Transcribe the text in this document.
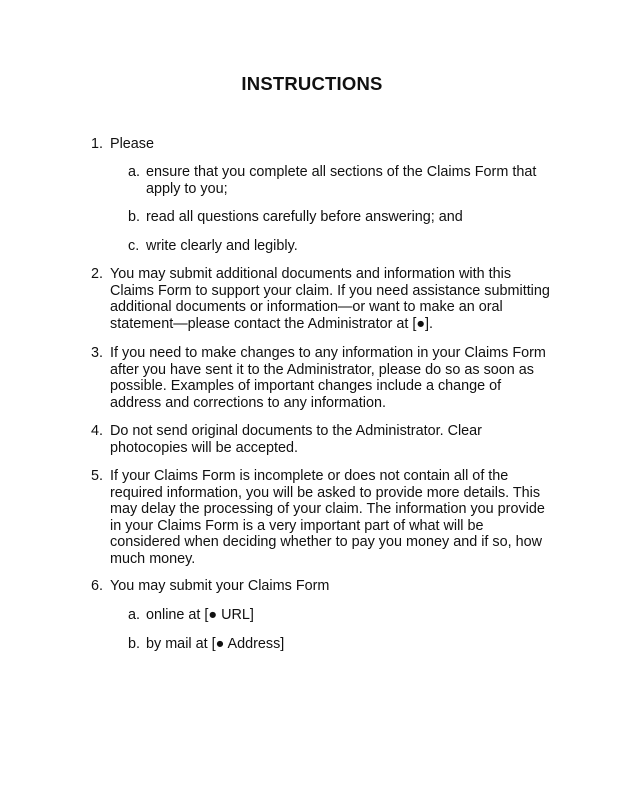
INSTRUCTIONS
1. Please
a. ensure that you complete all sections of the Claims Form that apply to you;
b. read all questions carefully before answering; and
c. write clearly and legibly.
2. You may submit additional documents and information with this Claims Form to support your claim. If you need assistance submitting additional documents or information—or want to make an oral statement—please contact the Administrator at [●].
3. If you need to make changes to any information in your Claims Form after you have sent it to the Administrator, please do so as soon as possible. Examples of important changes include a change of address and corrections to any information.
4. Do not send original documents to the Administrator. Clear photocopies will be accepted.
5. If your Claims Form is incomplete or does not contain all of the required information, you will be asked to provide more details. This may delay the processing of your claim. The information you provide in your Claims Form is a very important part of what will be considered when deciding whether to pay you money and if so, how much money.
6. You may submit your Claims Form
a. online at [● URL]
b. by mail at [● Address]
